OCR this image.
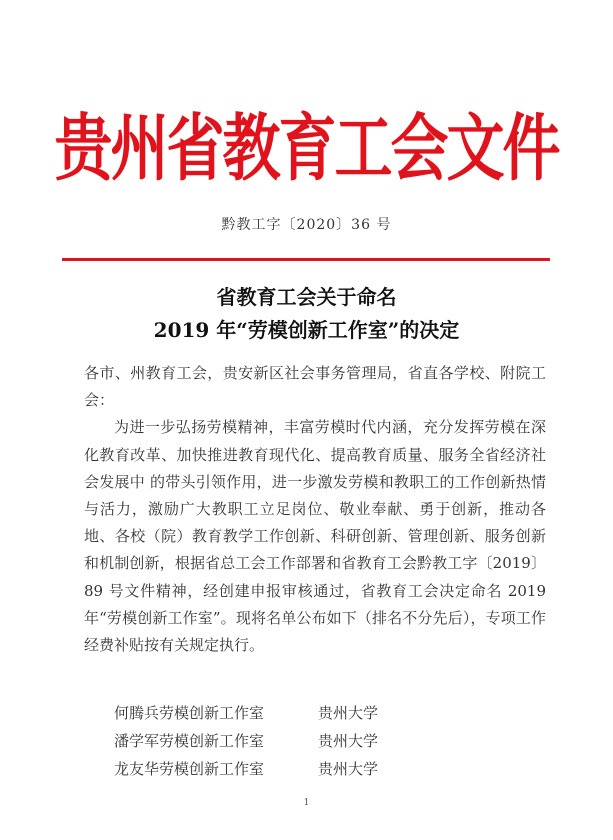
贵州省教育工会文件
黔教工字〔2020〕36 号
省教育工会关于命名
2019 年“劳模创新工作室”的决定

各市、州教育工会，贵安新区社会事务管理局，省直各学校、附院工会：

为进一步弘扬劳模精神，丰富劳模时代内涵，充分发挥劳模在深化教育改革、加快推进教育现代化、提高教育质量、服务全省经济社会发展中 的带头引领作用，进一步激发劳模和教职工的工作创新热情与活力，激励广大教职工立足岗位、敬业奉献、勇于创新，推动各地、各校（院）教育教学工作创新、科研创新、管理创新、服务创新和机制创新，根据省总工会工作部署和省教育工会黔教工字〔2019〕89 号文件精神，经创建申报审核通过，省教育工会决定命名 2019 年“劳模创新工作室”。现将名单公布如下（排名不分先后），专项工作经费补贴按有关规定执行。

何腾兵劳模创新工作室	贵州大学
潘学军劳模创新工作室	贵州大学
龙友华劳模创新工作室	贵州大学
1
